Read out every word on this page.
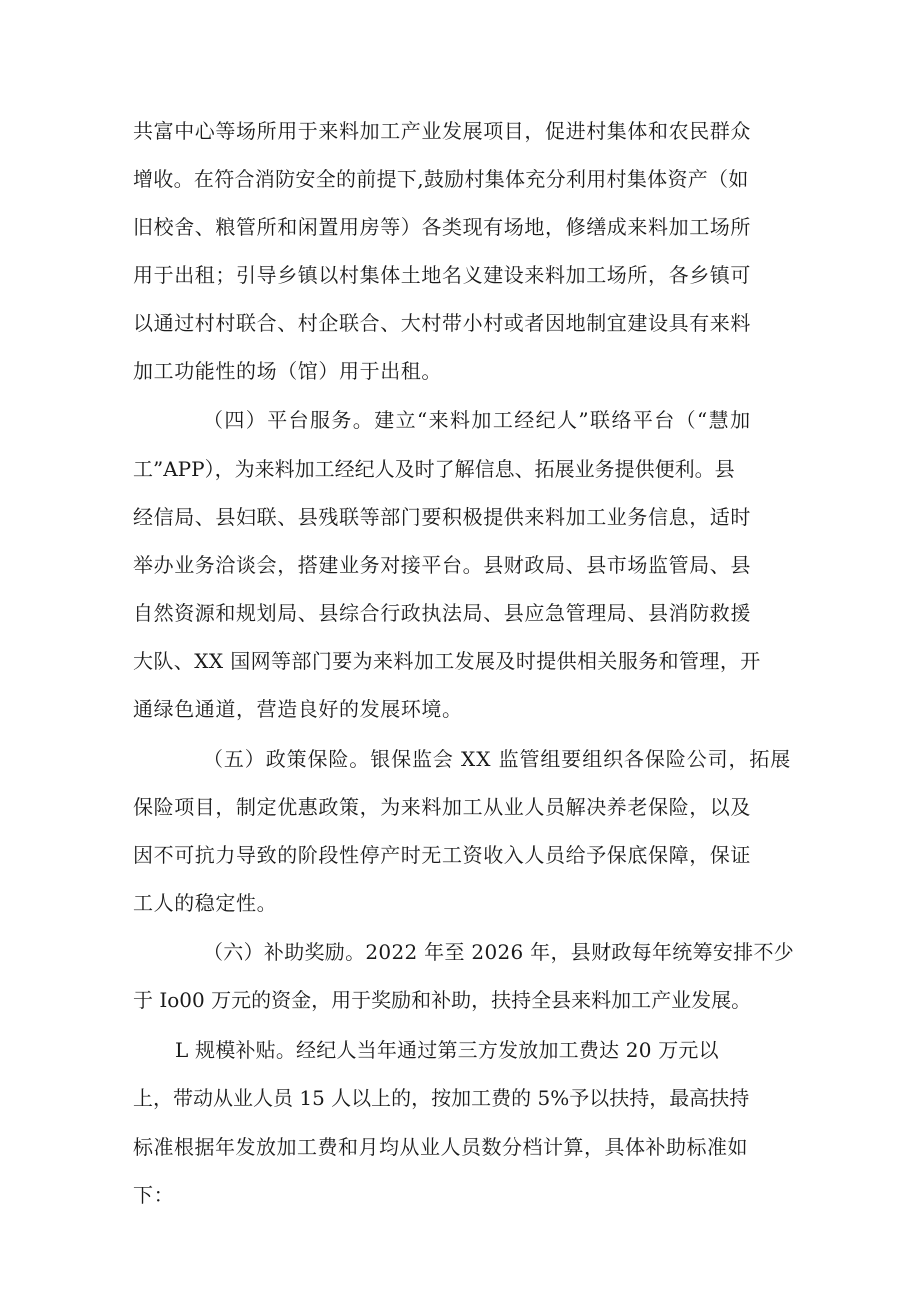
共富中心等场所用于来料加工产业发展项目，促进村集体和农民群众
增收。在符合消防安全的前提下,鼓励村集体充分利用村集体资产（如
旧校舍、粮管所和闲置用房等）各类现有场地，修缮成来料加工场所
用于出租；引导乡镇以村集体土地名义建设来料加工场所，各乡镇可
以通过村村联合、村企联合、大村带小村或者因地制宜建设具有来料
加工功能性的场（馆）用于出租。
（四）平台服务。建立“来料加工经纪人”联络平台（“慧加
工”APP），为来料加工经纪人及时了解信息、拓展业务提供便利。县
经信局、县妇联、县残联等部门要积极提供来料加工业务信息，适时
举办业务洽谈会，搭建业务对接平台。县财政局、县市场监管局、县
自然资源和规划局、县综合行政执法局、县应急管理局、县消防救援
大队、XX 国网等部门要为来料加工发展及时提供相关服务和管理，开
通绿色通道，营造良好的发展环境。
（五）政策保险。银保监会 XX 监管组要组织各保险公司，拓展
保险项目，制定优惠政策，为来料加工从业人员解决养老保险，以及
因不可抗力导致的阶段性停产时无工资收入人员给予保底保障，保证
工人的稳定性。
（六）补助奖励。2022 年至 2026 年，县财政每年统筹安排不少
于 Io00 万元的资金，用于奖励和补助，扶持全县来料加工产业发展。
L 规模补贴。经纪人当年通过第三方发放加工费达 20 万元以
上，带动从业人员 15 人以上的，按加工费的 5%予以扶持，最高扶持
标准根据年发放加工费和月均从业人员数分档计算，具体补助标准如
下：
